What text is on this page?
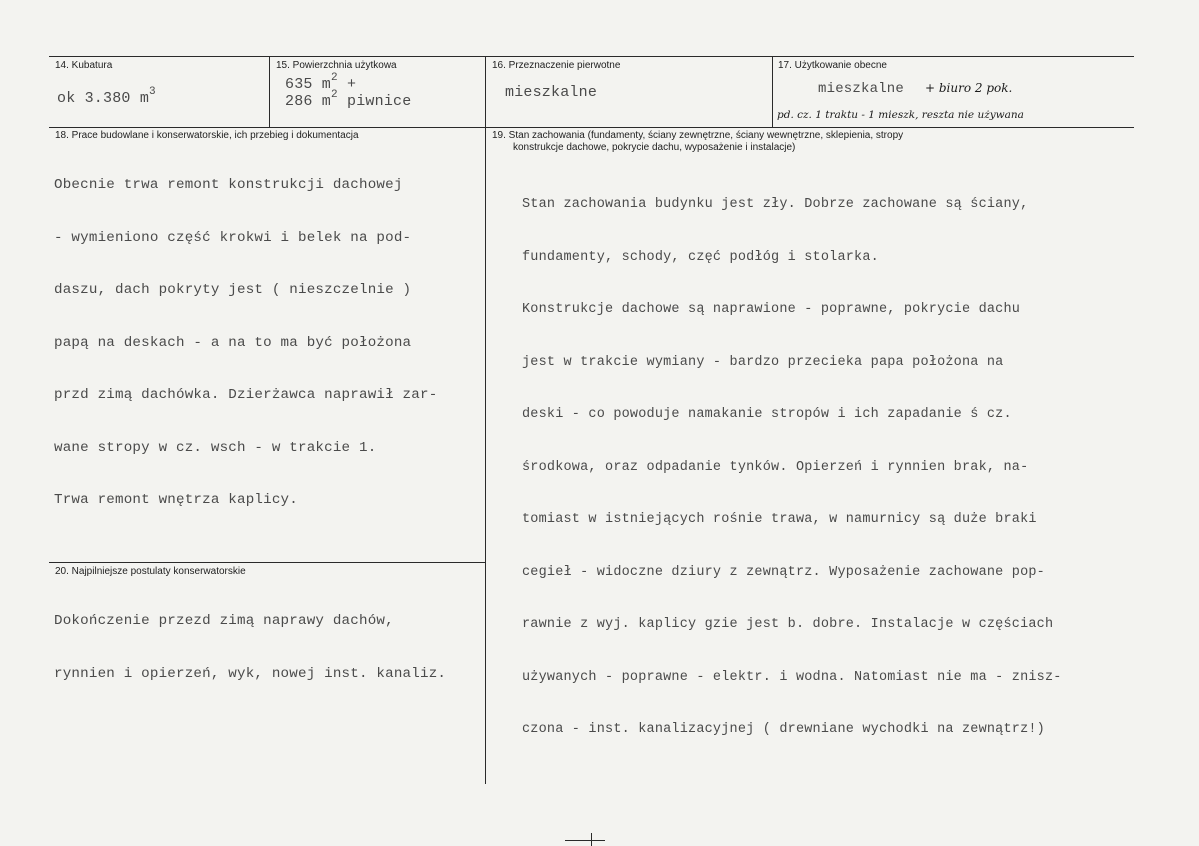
14. Kubatura
ok 3.380 $m^3$
15. Powierzchnia użytkowa
635 $m^2$ +
286 $m^2$ piwnice
16. Przeznaczenie pierwotne
mieszkalne
17. Użytkowanie obecne
mieszkalne + biuro 2 pok.
pd. cz. 1 traktu - 1 mieszk, reszta nie używana
18. Prace budowlane i konserwatorskie, ich przebieg i dokumentacja

Obecnie trwa remont konstrukcji dachowej

- wymieniono część krokwi i belek na pod-

daszu, dach pokryty jest ( nieszczelnie )

papą na deskach - a na to ma być położona

przd zimą dachówka. Dzierżawca naprawił zar-

wane stropy w cz. wsch - w trakcie 1.

Trwa remont wnętrza kaplicy.

19. Stan zachowania (fundamenty, ściany zewnętrzne, ściany wewnętrzne, sklepienia, stropy
konstrukcje dachowe, pokrycie dachu, wyposażenie i instalacje)

Stan zachowania budynku jest zły. Dobrze zachowane są ściany,

fundamenty, schody, częć podłóg i stolarka.

Konstrukcje dachowe są naprawione - poprawne, pokrycie dachu

jest w trakcie wymiany - bardzo przecieka papa położona na

deski - co powoduje namakanie stropów i ich zapadanie ś cz.

środkowa, oraz odpadanie tynków. Opierzeń i rynnien brak, na-

tomiast w istniejących rośnie trawa, w namurnicy są duże braki

cegieł - widoczne dziury z zewnątrz. Wyposażenie zachowane pop-

rawnie z wyj. kaplicy gzie jest b. dobre. Instalacje w częściach

używanych - poprawne - elektr. i wodna. Natomiast nie ma - znisz-

czona - inst. kanalizacyjnej ( drewniane wychodki na zewnątrz!)

20. Najpilniejsze postulaty konserwatorskie

Dokończenie przezd zimą naprawy dachów,

rynnien i opierzeń, wyk, nowej inst. kanaliz.
